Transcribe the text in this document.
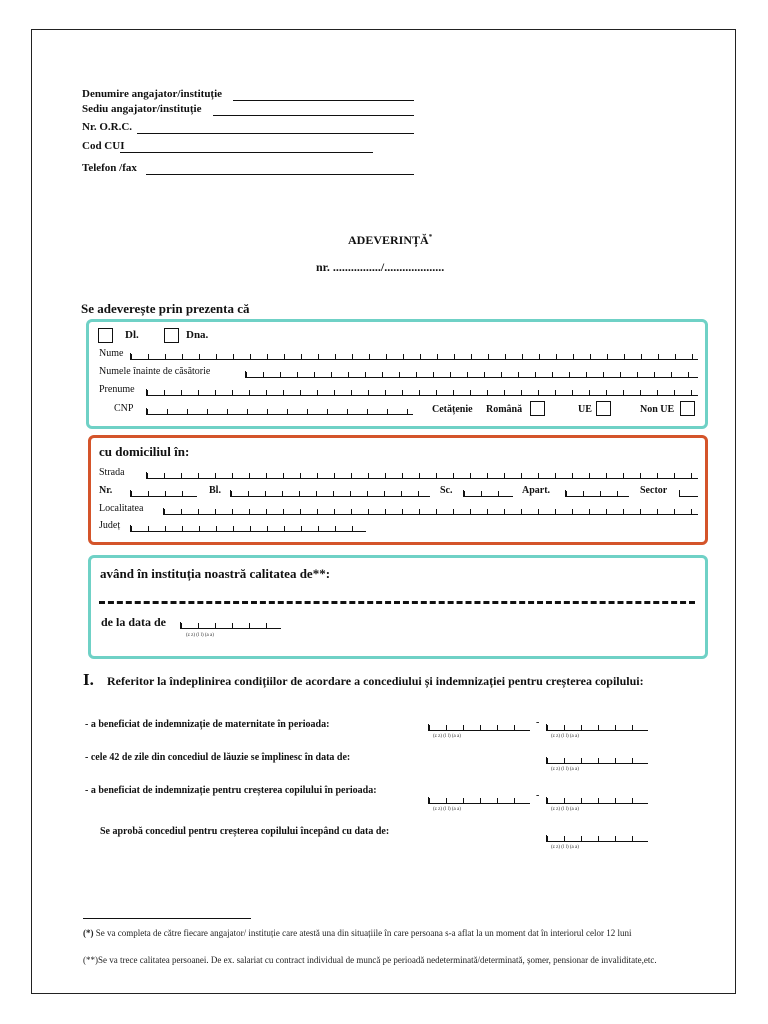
Denumire angajator/instituție
Sediu angajator/instituție
Nr. O.R.C.
Cod CUI
Telefon /fax
ADEVERINȚĂ*
nr. ................/....................
Se adeverește prin prezenta că
Dl.	Dna.
Nume
Numele înainte de căsătorie
Prenume
CNP	Cetățenie Română	UE	Non UE
cu domiciliul în:
Strada
Nr.	Bl.	Sc.	Apart.	Sector
Localitatea
Județ
având în instituția noastră calitatea de**:
de la data de
(z z) (l l) (a a)
I. Referitor la îndeplinirea condițiilor de acordare a concediului și indemnizației pentru creșterea copilului:
- a beneficiat de indemnizație de maternitate în perioada:
(z z) (l l) (a a)
-
(z z) (l l) (a a)
- cele 42 de zile din concediul de lăuzie se împlinesc în data de:
(z z) (l l) (a a)
- a beneficiat de indemnizație pentru creșterea copilului în perioada:
(z z) (l l) (a a)
-
(z z) (l l) (a a)
Se aprobă concediul pentru creșterea copilului începând cu data de:
(z z) (l l) (a a)
(*) Se va completa de către fiecare angajator/ instituție care atestă una din situațiile în care persoana s-a aflat la un moment dat în interiorul celor 12 luni
(**)Se va trece calitatea persoanei. De ex. salariat cu contract individual de muncă pe perioadă nedeterminată/determinată, șomer, pensionar de invaliditate,etc.
